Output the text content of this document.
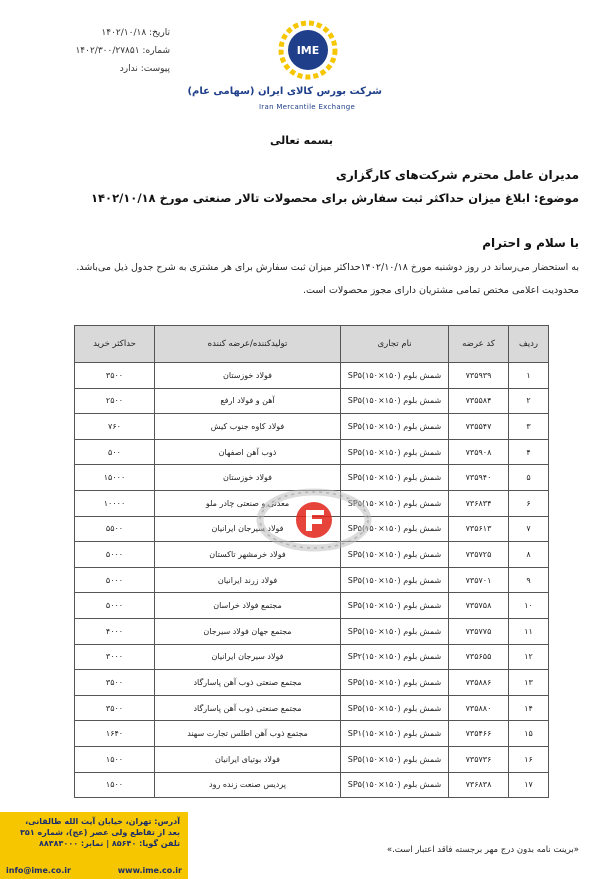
تاریخ: ۱۴۰۲/۱۰/۱۸
شماره: ۱۴۰۲/۳۰۰/۲۷۸۵۱
پیوست: ندارد
IME
شرکت بورس کالای ایران (سهامی عام)
Iran Mercantile Exchange
بسمه تعالی
مدیران عامل محترم شرکت‌های کارگزاری
موضوع: ابلاغ میزان حداکثر ثبت سفارش برای محصولات تالار صنعتی مورخ ۱۴۰۲/۱۰/۱۸
با سلام و احترام
به استحضار می‌رساند در روز دوشنبه مورخ ۱۴۰۲/۱۰/۱۸حداکثر میزان ثبت سفارش برای هر مشتری به شرح جدول ذیل می‌باشد.
محدودیت اعلامی مختص تمامی مشتریان دارای مجوز محصولات است.
ردیف	کد عرضه	نام تجاری	تولیدکننده/عرضه کننده	حداکثر خرید
۱	۷۳۵۹۳۹	شمش بلوم (۱۵۰×۱۵۰)SP۵	فولاد خوزستان	۳۵۰۰
۲	۷۳۵۵۸۴	شمش بلوم (۱۵۰×۱۵۰)SP۵	آهن و فولاد ارفع	۲۵۰۰
۳	۷۳۵۵۴۷	شمش بلوم (۱۵۰×۱۵۰)SP۵	فولاد کاوه جنوب کیش	۷۶۰
۴	۷۳۵۹۰۸	شمش بلوم (۱۵۰×۱۵۰)SP۵	ذوب آهن اصفهان	۵۰۰
۵	۷۳۵۹۴۰	شمش بلوم (۱۵۰×۱۵۰)SP۵	فولاد خوزستان	۱۵۰۰۰
۶	۷۳۶۸۳۴	شمش بلوم (۱۵۰×۱۵۰)SP۵	معدنی و صنعتی چادر ملو	۱۰۰۰۰
۷	۷۳۵۶۱۳	شمش بلوم (۱۵۰×۱۵۰)SP۵	فولاد سیرجان ایرانیان	۵۵۰۰
۸	۷۳۵۷۲۵	شمش بلوم (۱۵۰×۱۵۰)SP۵	فولاد خرمشهر تاکستان	۵۰۰۰
۹	۷۳۵۷۰۱	شمش بلوم (۱۵۰×۱۵۰)SP۵	فولاد زرند ایرانیان	۵۰۰۰
۱۰	۷۳۵۷۵۸	شمش بلوم (۱۵۰×۱۵۰)SP۵	مجتمع فولاد خراسان	۵۰۰۰
۱۱	۷۳۵۷۷۵	شمش بلوم (۱۵۰×۱۵۰)SP۵	مجتمع جهان فولاد سیرجان	۴۰۰۰
۱۲	۷۳۵۶۵۵	شمش بلوم (۱۵۰×۱۵۰)SP۲	فولاد سیرجان ایرانیان	۳۰۰۰
۱۳	۷۳۵۸۸۶	شمش بلوم (۱۵۰×۱۵۰)SP۵	مجتمع صنعتی ذوب آهن پاسارگاد	۳۵۰۰
۱۴	۷۳۵۸۸۰	شمش بلوم (۱۵۰×۱۵۰)SP۵	مجتمع صنعتی ذوب آهن پاسارگاد	۳۵۰۰
۱۵	۷۳۵۴۶۶	شمش بلوم (۱۵۰×۱۵۰)SP۱	مجتمع ذوب آهن اطلس تجارت سهند	۱۶۴۰
۱۶	۷۳۵۷۳۶	شمش بلوم (۱۵۰×۱۵۰)SP۵	فولاد بوتیای ایرانیان	۱۵۰۰
۱۷	۷۳۶۸۳۸	شمش بلوم (۱۵۰×۱۵۰)SP۵	پردیس صنعت زنده رود	۱۵۰۰
آدرس: تهران، خیابان آیت الله طالقانی،
بعد از تقاطع ولی عصر (عج)، شماره ۳۵۱
تلفن گویا: ۸۵۶۴۰ | نمابر: ۸۸۳۸۳۰۰۰
info@ime.co.ir	www.ime.co.ir
«برینت نامه بدون درج مهر برجسته فاقد اعتبار است.»
